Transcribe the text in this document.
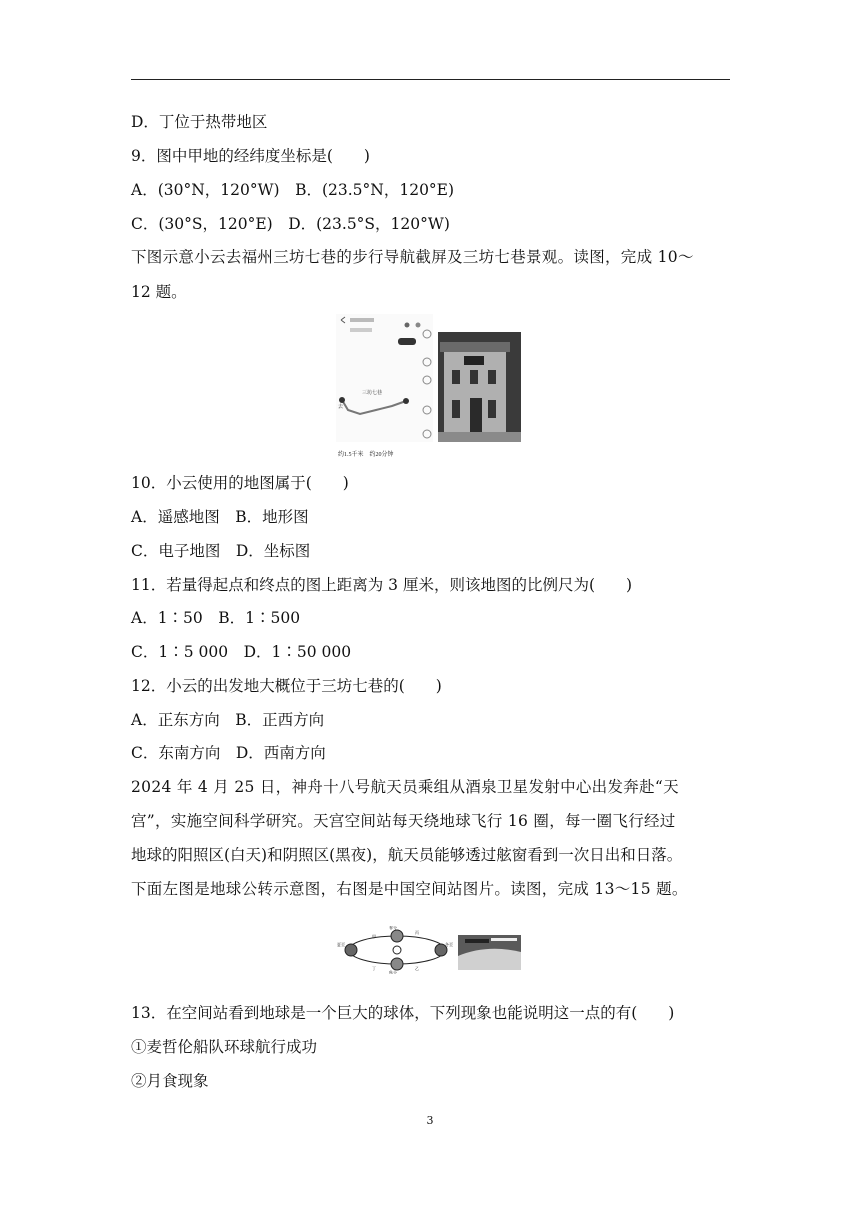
D．丁位于热带地区
9．图中甲地的经纬度坐标是(　　)
A．(30°N，120°W)　B．(23.5°N，120°E)
C．(30°S，120°E)　D．(23.5°S，120°W)
下图示意小云去福州三坊七巷的步行导航截屏及三坊七巷景观。读图，完成 10～
12 题。
三坊七巷
去
约1.5千米　约20分钟
10．小云使用的地图属于(　　)
A．遥感地图　B．地形图
C．电子地图　D．坐标图
11．若量得起点和终点的图上距离为 3 厘米，则该地图的比例尺为(　　)
A．1∶50　B．1∶500
C．1∶5 000　D．1∶50 000
12．小云的出发地大概位于三坊七巷的(　　)
A．正东方向　B．正西方向
C．东南方向　D．西南方向
2024 年 4 月 25 日，神舟十八号航天员乘组从酒泉卫星发射中心出发奔赴“天
宫”，实施空间科学研究。天宫空间站每天绕地球飞行 16 圈，每一圈飞行经过
地球的阳照区(白天)和阴照区(黑夜)，航天员能够透过舷窗看到一次日出和日落。
下面左图是地球公转示意图，右图是中国空间站图片。读图，完成 13～15 题。
春分
夏至
秋分
冬至
甲
乙
丙
丁
13．在空间站看到地球是一个巨大的球体，下列现象也能说明这一点的有(　　)
①麦哲伦船队环球航行成功
②月食现象
3
